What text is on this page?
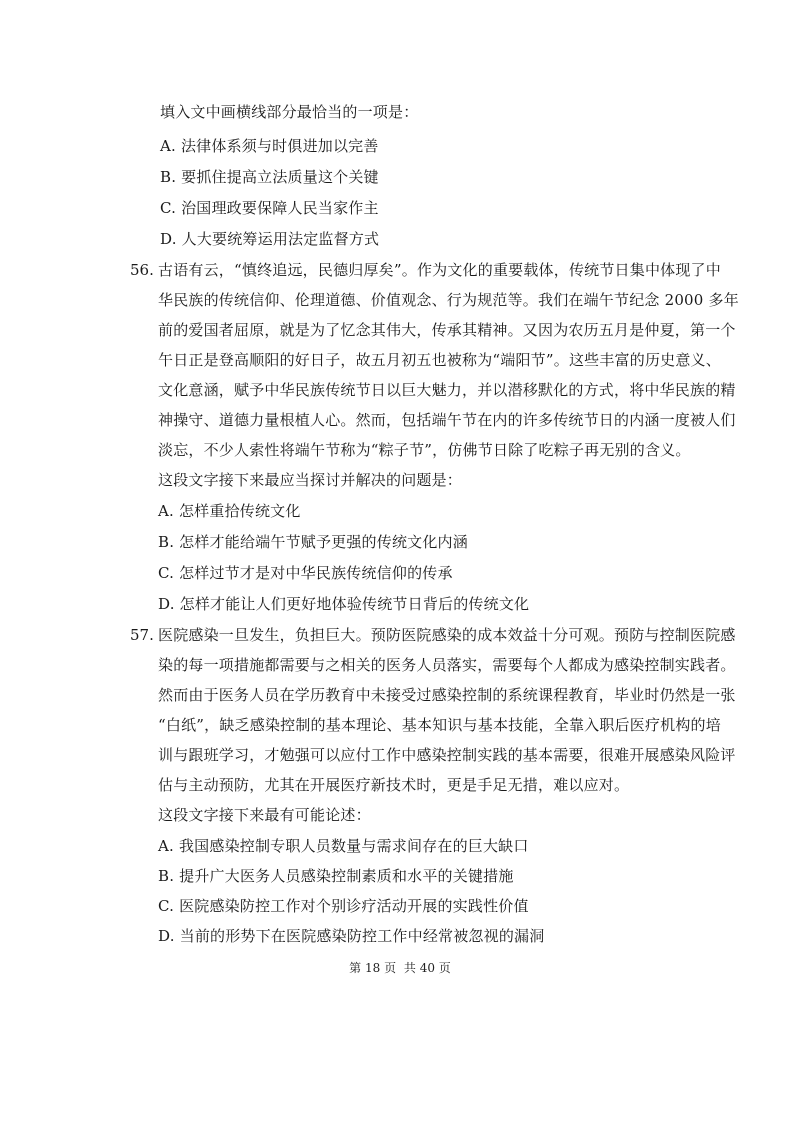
填入文中画横线部分最恰当的一项是：
A. 法律体系须与时俱进加以完善
B. 要抓住提高立法质量这个关键
C. 治国理政要保障人民当家作主
D. 人大要统筹运用法定监督方式
56. 古语有云，“慎终追远，民德归厚矣”。作为文化的重要载体，传统节日集中体现了中
华民族的传统信仰、伦理道德、价值观念、行为规范等。我们在端午节纪念 2000 多年
前的爱国者屈原，就是为了忆念其伟大，传承其精神。又因为农历五月是仲夏，第一个
午日正是登高顺阳的好日子，故五月初五也被称为“端阳节”。这些丰富的历史意义、
文化意涵，赋予中华民族传统节日以巨大魅力，并以潜移默化的方式，将中华民族的精
神操守、道德力量根植人心。然而，包括端午节在内的许多传统节日的内涵一度被人们
淡忘，不少人索性将端午节称为“粽子节”，仿佛节日除了吃粽子再无别的含义。
这段文字接下来最应当探讨并解决的问题是：
A. 怎样重拾传统文化
B. 怎样才能给端午节赋予更强的传统文化内涵
C. 怎样过节才是对中华民族传统信仰的传承
D. 怎样才能让人们更好地体验传统节日背后的传统文化
57. 医院感染一旦发生，负担巨大。预防医院感染的成本效益十分可观。预防与控制医院感
染的每一项措施都需要与之相关的医务人员落实，需要每个人都成为感染控制实践者。
然而由于医务人员在学历教育中未接受过感染控制的系统课程教育，毕业时仍然是一张
“白纸”，缺乏感染控制的基本理论、基本知识与基本技能，全靠入职后医疗机构的培
训与跟班学习，才勉强可以应付工作中感染控制实践的基本需要，很难开展感染风险评
估与主动预防，尤其在开展医疗新技术时，更是手足无措，难以应对。
这段文字接下来最有可能论述：
A. 我国感染控制专职人员数量与需求间存在的巨大缺口
B. 提升广大医务人员感染控制素质和水平的关键措施
C. 医院感染防控工作对个别诊疗活动开展的实践性价值
D. 当前的形势下在医院感染防控工作中经常被忽视的漏洞
第 18 页 共 40 页
